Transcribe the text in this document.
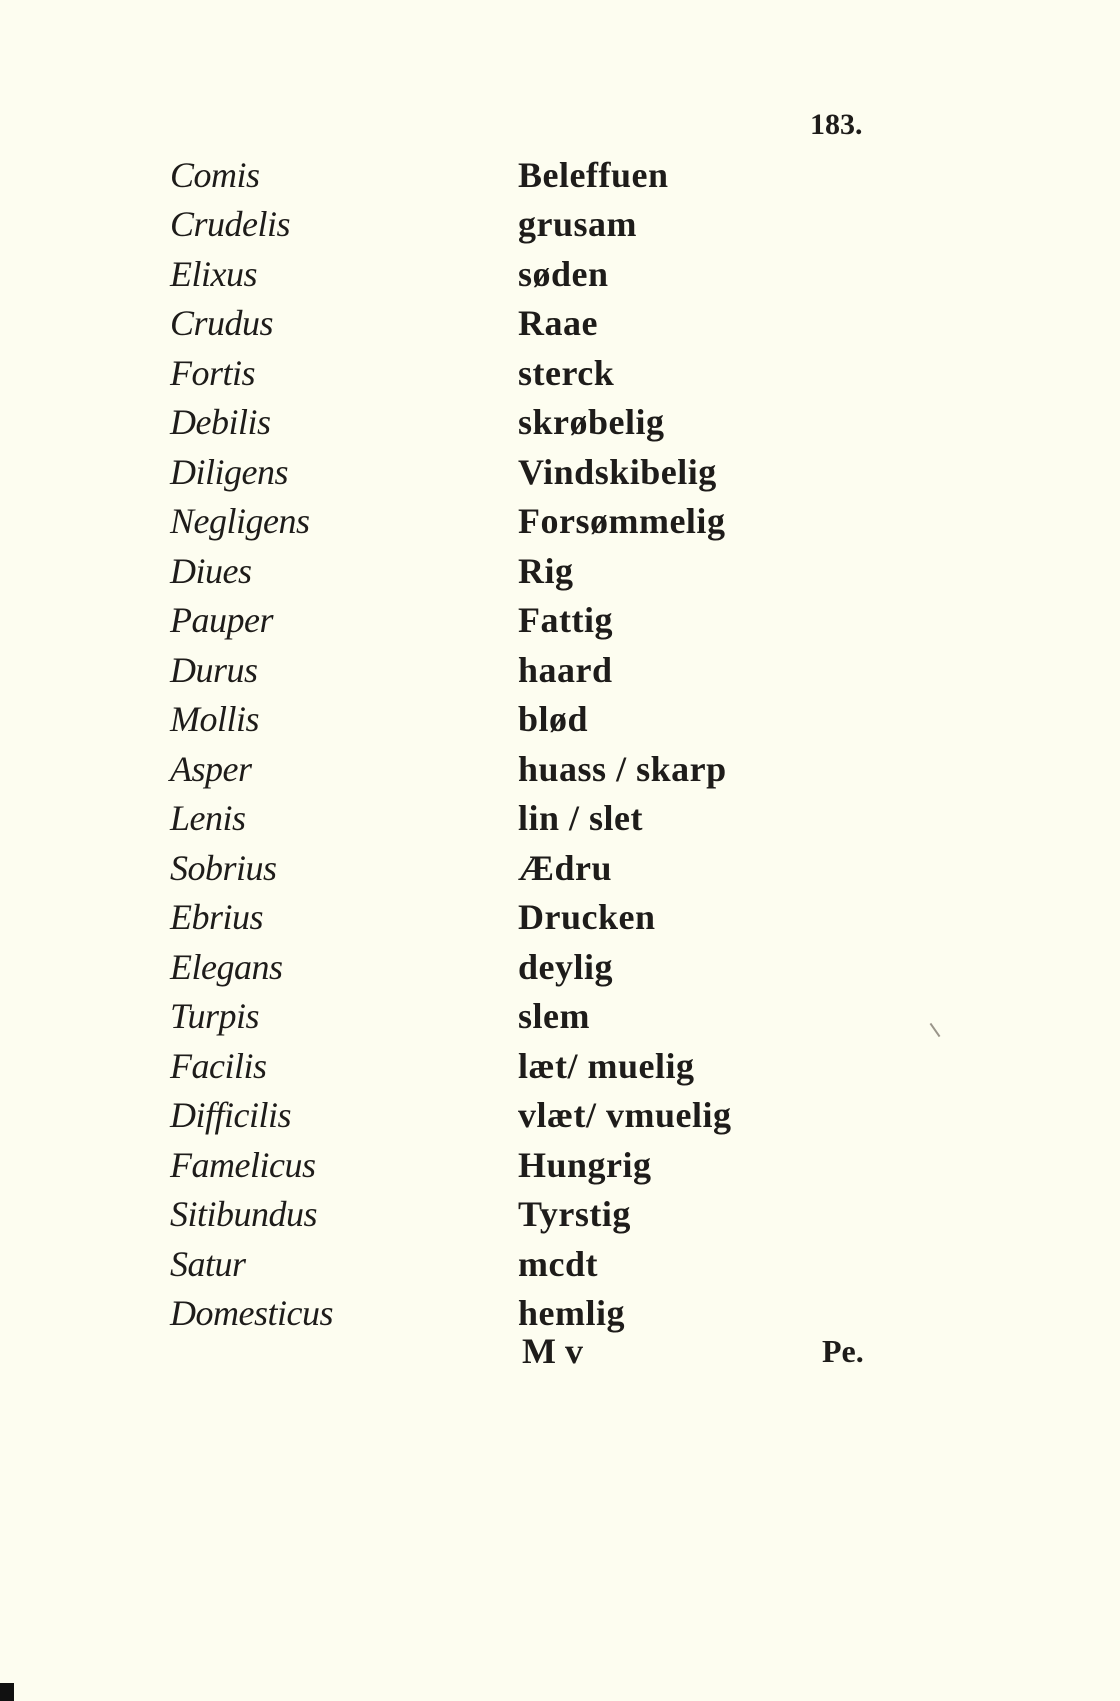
183.
Comis	Beleffuen
Crudelis	grusam
Elixus	søden
Crudus	Raae
Fortis	sterck
Debilis	skrøbelig
Diligens	Vindskibelig
Negligens	Forsømmelig
Diues	Rig
Pauper	Fattig
Durus	haard
Mollis	blød
Asper	huass / skarp
Lenis	lin / slet
Sobrius	Ædru
Ebrius	Drucken
Elegans	deylig
Turpis	slem
Facilis	læt/ muelig
Difficilis	vlæt/ vmuelig
Famelicus	Hungrig
Sitibundus	Tyrstig
Satur	mcdt
Domesticus	hemlig
M v	Pe.
